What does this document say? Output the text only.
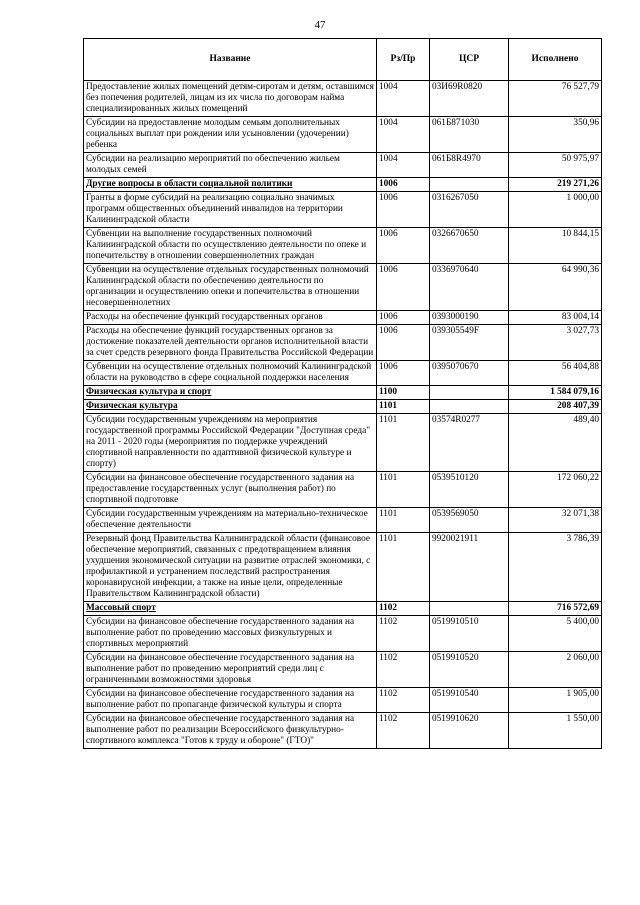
47
Название	Рз/Пр	ЦСР	Исполнено
Предоставление жилых помещений детям-сиротам и детям, оставшимся без попечения родителей, лицам из их числа по договорам найма специализированных жилых помещений	1004	03И69R0820	76 527,79
Субсидии на предоставление молодым семьям дополнительных социальных выплат при рождении или усыновлении (удочерении) ребенка	1004	061Б871030	350,96
Субсидии на реализацию мероприятий по обеспечению жильем молодых семей	1004	061Б8R4970	50 975,97
Другие вопросы в области социальной политики	1006		219 271,26
Гранты в форме субсидий на реализацию социально значимых программ общественных объединений инвалидов на территории Калининградской области	1006	0316267050	1 000,00
Субвенции на выполнение государственных полномочий Калининградской области по осуществлению деятельности по опеке и попечительству в отношении совершеннолетних граждан	1006	0326670650	10 844,15
Субвенции на осуществление отдельных государственных полномочий Калининградской области по обеспечению деятельности по организации и осуществлению опеки и попечительства в отношении несовершеннолетних	1006	0336970640	64 990,36
Расходы на обеспечение функций государственных органов	1006	0393000190	83 004,14
Расходы на обеспечение функций государственных органов за достижение показателей деятельности органов исполнительной власти за счет средств резервного фонда Правительства Российской Федерации	1006	039305549F	3 027,73
Субвенции на осуществление отдельных полномочий Калининградской области на руководство в сфере социальной поддержки населения	1006	0395070670	56 404,88
Физическая культура и спорт	1100		1 584 079,16
Физическая культура	1101		208 407,39
Субсидии государственным учреждениям на мероприятия государственной программы Российской Федерации "Доступная среда" на 2011 - 2020 годы (мероприятия по поддержке учреждений спортивной направленности по адаптивной физической культуре и спорту)	1101	03574R0277	489,40
Субсидии на финансовое обеспечение государственного задания на предоставление государственных услуг (выполнения работ) по спортивной подготовке	1101	0539510120	172 060,22
Субсидии государственным учреждениям на материально-техническое обеспечение деятельности	1101	0539569050	32 071,38
Резервный фонд Правительства Калининградской области (финансовое обеспечение мероприятий, связанных с предотвращением влияния ухудшения экономической ситуации на развитие отраслей экономики, с профилактикой и устранением последствий распространения коронавирусной инфекции, а также на иные цели, определенные Правительством Калининградской области)	1101	9920021911	3 786,39
Массовый спорт	1102		716 572,69
Субсидии на финансовое обеспечение государственного задания на выполнение работ по проведению массовых физкультурных и спортивных мероприятий	1102	0519910510	5 400,00
Субсидии на финансовое обеспечение государственного задания на выполнение работ по проведению мероприятий среди лиц с ограниченными возможностями здоровья	1102	0519910520	2 060,00
Субсидии на финансовое обеспечение государственного задания на выполнение работ по пропаганде физической культуры и спорта	1102	0519910540	1 905,00
Субсидии на финансовое обеспечение государственного задания на выполнение работ по реализации Всероссийского физкультурно-спортивного комплекса "Готов к труду и обороне" (ГТО)"	1102	0519910620	1 550,00
